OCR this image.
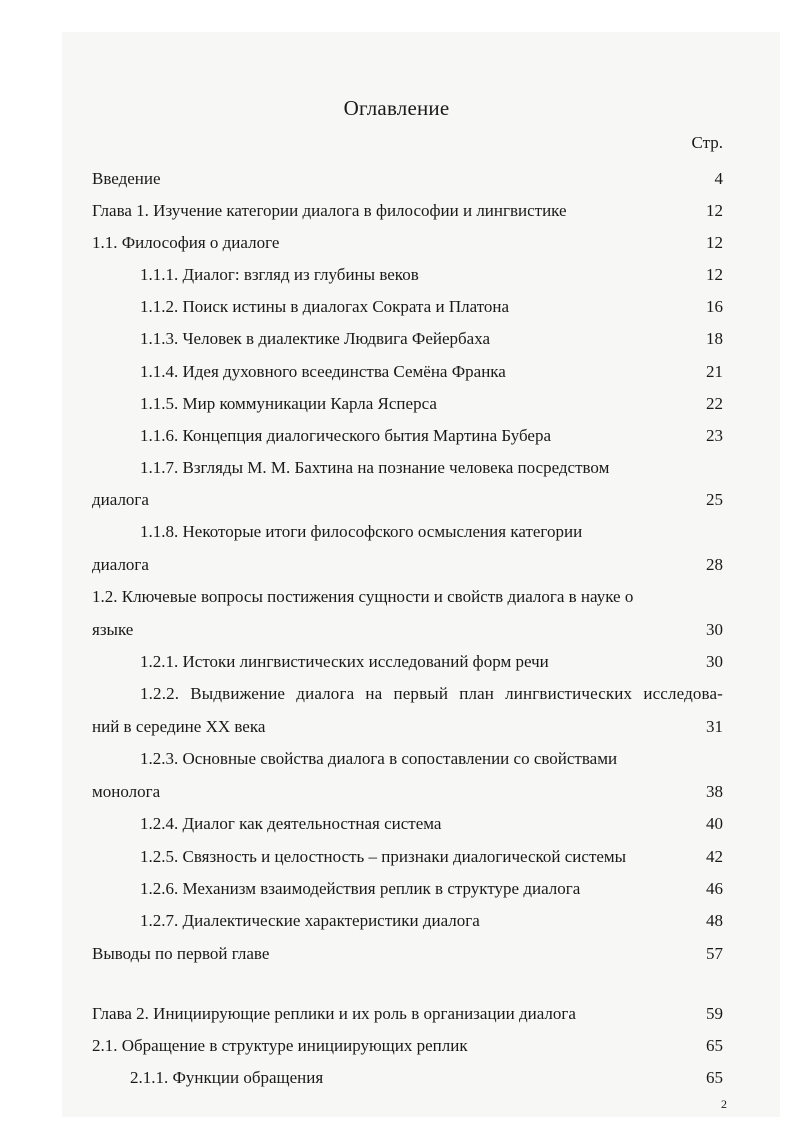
Оглавление
Стр.
Введение	4
Глава 1. Изучение категории диалога в философии и лингвистике	12
1.1. Философия о диалоге	12
1.1.1. Диалог: взгляд из глубины веков	12
1.1.2. Поиск истины в диалогах Сократа и Платона	16
1.1.3. Человек в диалектике Людвига Фейербаха	18
1.1.4. Идея духовного всеединства Семёна Франка	21
1.1.5. Мир коммуникации Карла Ясперса	22
1.1.6. Концепция диалогического бытия Мартина Бубера	23
1.1.7. Взгляды М. М. Бахтина на познание человека посредством
диалога	25
1.1.8. Некоторые итоги философского осмысления категории
диалога	28
1.2. Ключевые вопросы постижения сущности и свойств диалога в науке о
языке	30
1.2.1. Истоки лингвистических исследований форм речи	30
1.2.2. Выдвижение диалога на первый план лингвистических исследова-
ний в середине XX века	31
1.2.3. Основные свойства диалога в сопоставлении со свойствами
монолога	38
1.2.4. Диалог как деятельностная система	40
1.2.5. Связность и целостность – признаки диалогической системы	42
1.2.6. Механизм взаимодействия реплик в структуре диалога	46
1.2.7. Диалектические характеристики диалога	48
Выводы по первой главе	57
Глава 2. Инициирующие реплики и их роль в организации диалога	59
2.1. Обращение в структуре инициирующих реплик	65
2.1.1. Функции обращения	65
2
